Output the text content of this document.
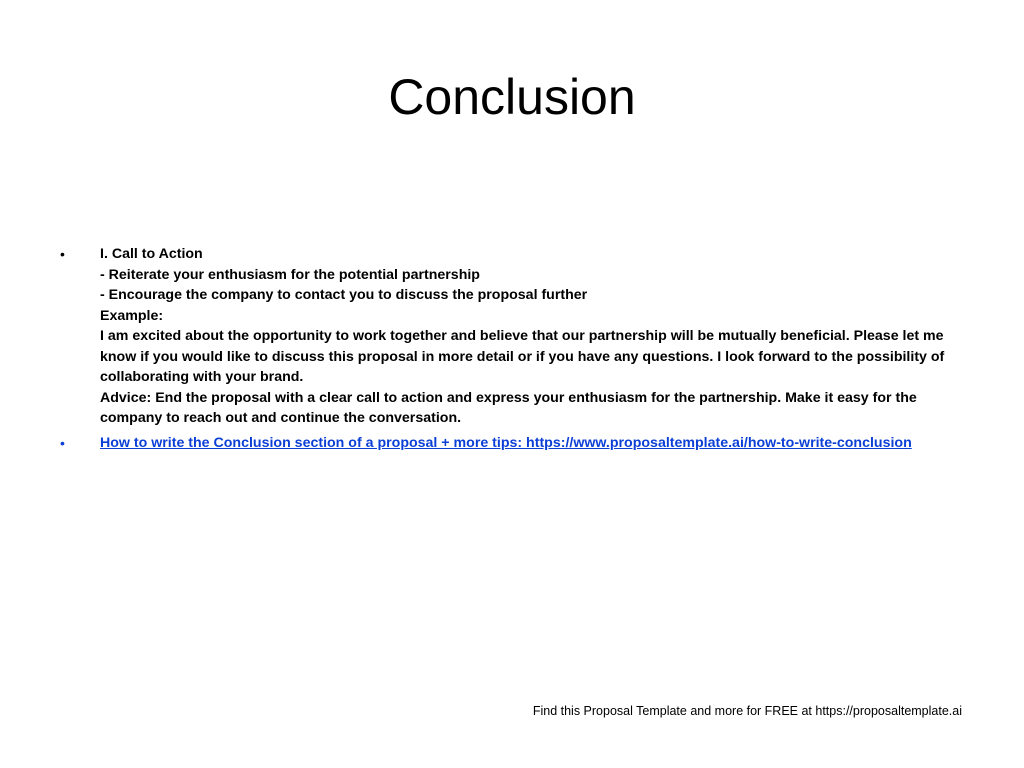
Conclusion
•	I. Call to Action
- Reiterate your enthusiasm for the potential partnership
- Encourage the company to contact you to discuss the proposal further
Example:
I am excited about the opportunity to work together and believe that our partnership will be mutually beneficial. Please let me know if you would like to discuss this proposal in more detail or if you have any questions. I look forward to the possibility of collaborating with your brand.
Advice: End the proposal with a clear call to action and express your enthusiasm for the partnership. Make it easy for the company to reach out and continue the conversation.
•	How to write the Conclusion section of a proposal + more tips: https://www.proposaltemplate.ai/how-to-write-conclusion
Find this Proposal Template and more for FREE at https://proposaltemplate.ai
